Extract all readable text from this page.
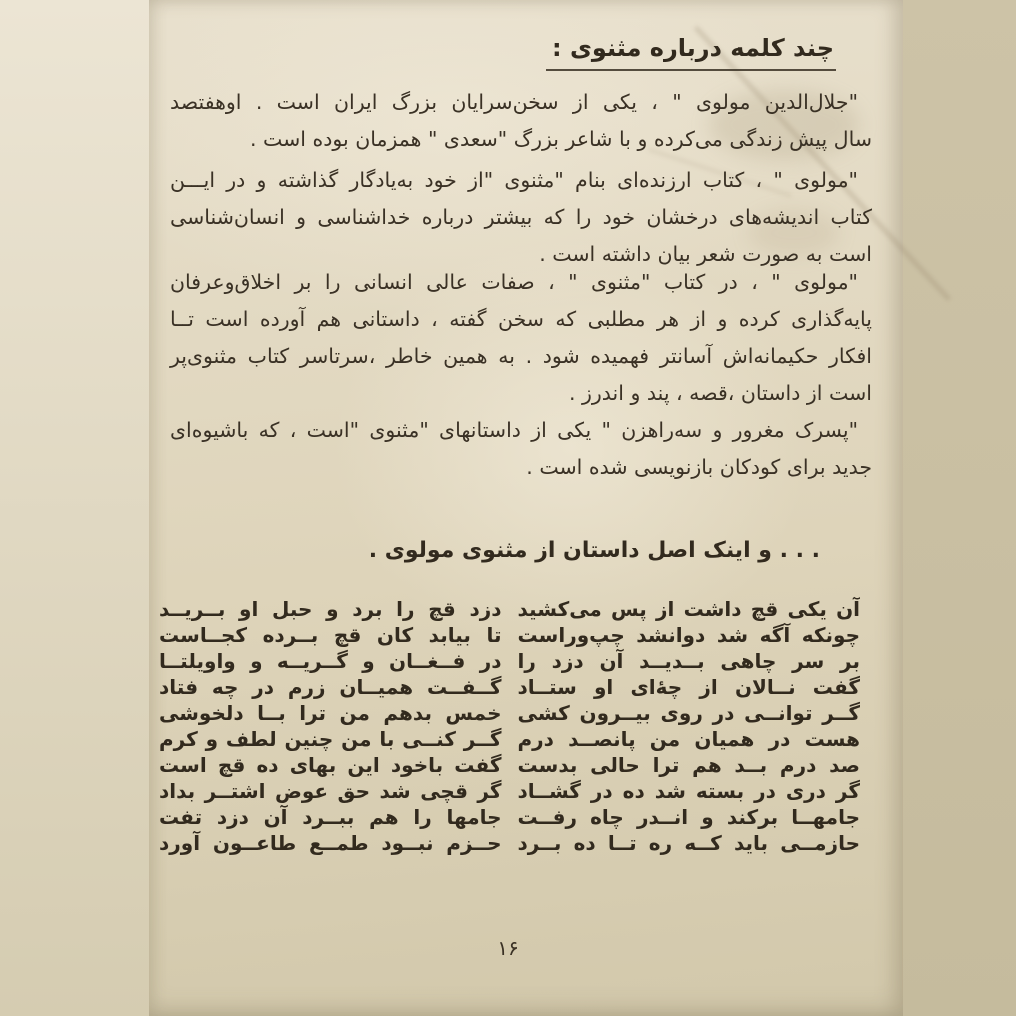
چند کلمه درباره مثنوی :
"جلال‌الدین مولوی " ، یکی از سخن‌سرایان بزرگ ایران است . اوهفتصد
سال پیش زندگی می‌کرده و با شاعر بزرگ "سعدی " همزمان بوده است .
"مولوی " ، کتاب ارزنده‌ای بنام "مثنوی "از خود به‌یادگار گذاشته و در ایـــن
کتاب اندیشه‌های درخشان خود را که بیشتر درباره خداشناسی و انسان‌شناسی
است به صورت شعر بیان داشته است .
"مولوی " ، در کتاب "مثنوی " ، صفات عالی انسانی را بر اخلاق‌وعرفان
پایه‌گذاری کرده و از هر مطلبی که سخن گفته ، داستانی هم آورده است تــا
افکار حکیمانه‌اش آسانتر فهمیده شود . به همین خاطر ،سرتاسر کتاب مثنوی‌پر
است از داستان ،قصه ، پند و اندرز .
"پسرک مغرور و سه‌راهزن " یکی از داستانهای "مثنوی "است ، که باشیوه‌ای
جدید برای کودکان بازنویسی شده است .
. . . و اینک اصل داستان از مثنوی مولوی .
آن یکی قچ داشت از پس می‌کشید
دزد قچ را برد و حبل او بــریــد
چونکه آگه شد دوانشد چپ‌وراست
تا بیابد کان قچ بــرده کجــاست
بر سر چاهی بــدیــد آن دزد را
در فــغــان و گــریــه و واویلتــا
گفت نــالان از چهٔ‌ای او ستــاد
گــفــت همیــان زرم در چه فتاد
گــر توانــی در روی بیــرون کشی
خمس بدهم من ترا بــا دلخوشی
هست در همیان من پانصــد درم
گــر کنــی با من چنین لطف و کرم
صد درم بــد هم ترا حالی بدست
گفت باخود این بهای ده قچ است
گر دری در بسته شد ده در گشــاد
گر قچی شد حق عوض اشتــر بداد
جامهــا برکند و انــدر چاه رفــت
جامها را هم ببــرد آن دزد تفت
حازمــی باید کــه ره تــا ده بــرد
حــزم نبــود طمــع طاعــون آورد
۱۶
